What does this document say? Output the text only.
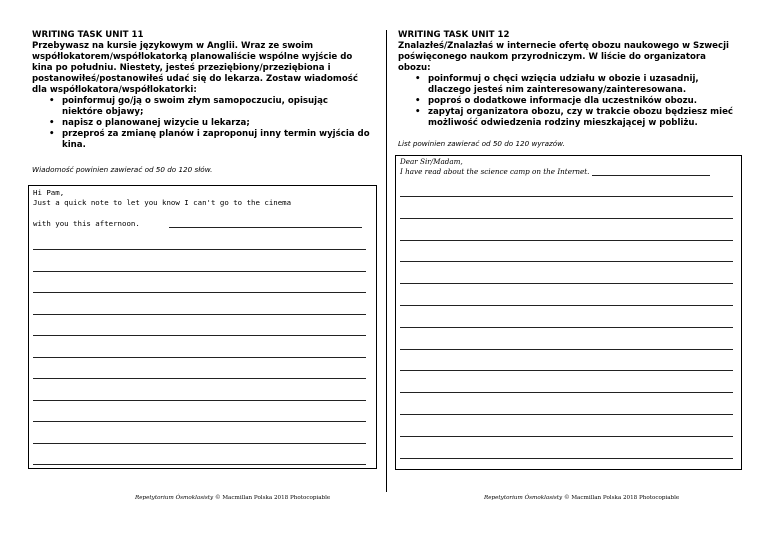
WRITING TASK UNIT 11

Przebywasz na kursie językowym w Anglii. Wraz ze swoim współlokatorem/współlokatorką planowaliście wspólne wyjście do kina po południu. Niestety, jesteś przeziębiony/przeziębiona i postanowiłeś/postanowiłeś udać się do lekarza. Zostaw wiadomość dla współlokatora/współlokatorki:

• poinformuj go/ją o swoim złym samopoczuciu, opisując niektóre objawy;
• napisz o planowanej wizycie u lekarza;
• przeproś za zmianę planów i zaproponuj inny termin wyjścia do kina.
Wiadomość powinien zawierać od 50 do 120 słów.
WRITING TASK UNIT 12

Znalazłeś/Znalazłaś w internecie ofertę obozu naukowego w Szwecji poświęconego naukom przyrodniczym. W liście do organizatora obozu:

• poinformuj o chęci wzięcia udziału w obozie i uzasadnij, dlaczego jesteś nim zainteresowany/zainteresowana.
• poproś o dodatkowe informacje dla uczestników obozu.
• zapytaj organizatora obozu, czy w trakcie obozu będziesz mieć możliwość odwiedzenia rodziny mieszkającej w pobliżu.
List powinien zawierać od 50 do 120 wyrazów.
Hi Pam,
Just a quick note to let you know I can't go to the cinema
with you this afternoon.
Dear Sir/Madam,
I have read about the science camp on the Internet.
Repetytorium Ósmoklasisty © Macmillan Polska 2018 Photocopiable	Repetytorium Ósmoklasisty © Macmillan Polska 2018 Photocopiable
